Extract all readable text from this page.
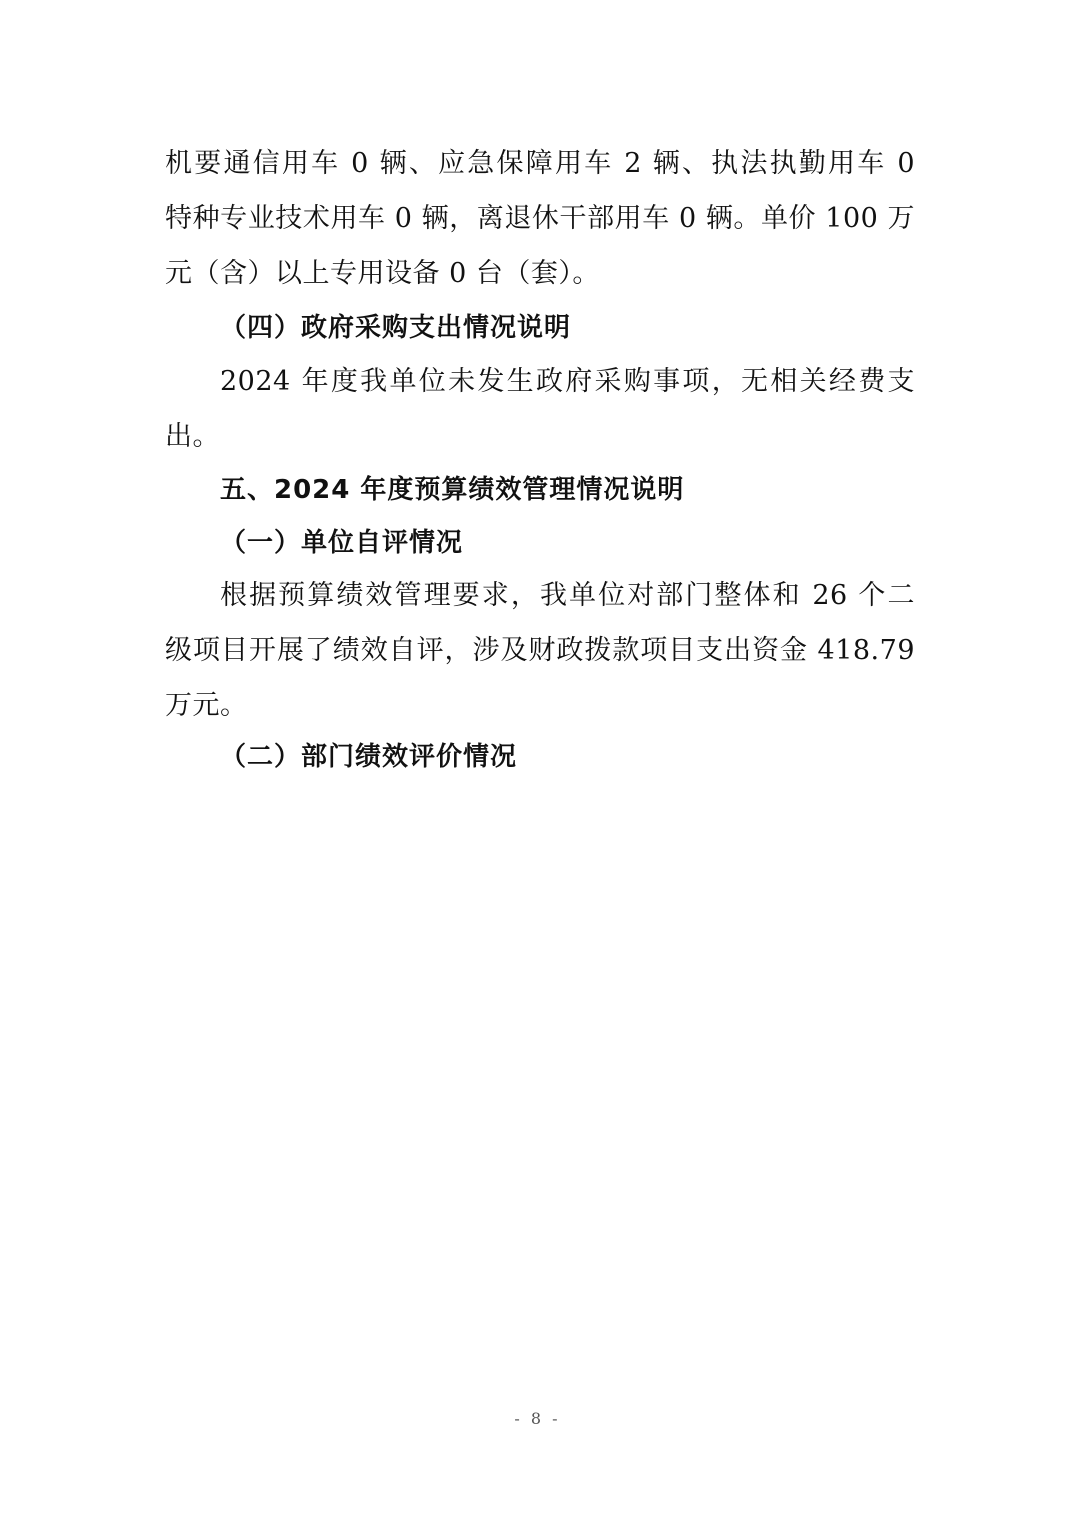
机要通信用车 0 辆、应急保障用车 2 辆、执法执勤用车 0
特种专业技术用车 0 辆，离退休干部用车 0 辆。单价 100 万
元（含）以上专用设备 0 台（套）。
（四）政府采购支出情况说明
2024 年度我单位未发生政府采购事项，无相关经费支
出。
五、2024 年度预算绩效管理情况说明
（一）单位自评情况
根据预算绩效管理要求，我单位对部门整体和 26 个二
级项目开展了绩效自评，涉及财政拨款项目支出资金 418.79
万元。
（二）部门绩效评价情况
- 8 -
